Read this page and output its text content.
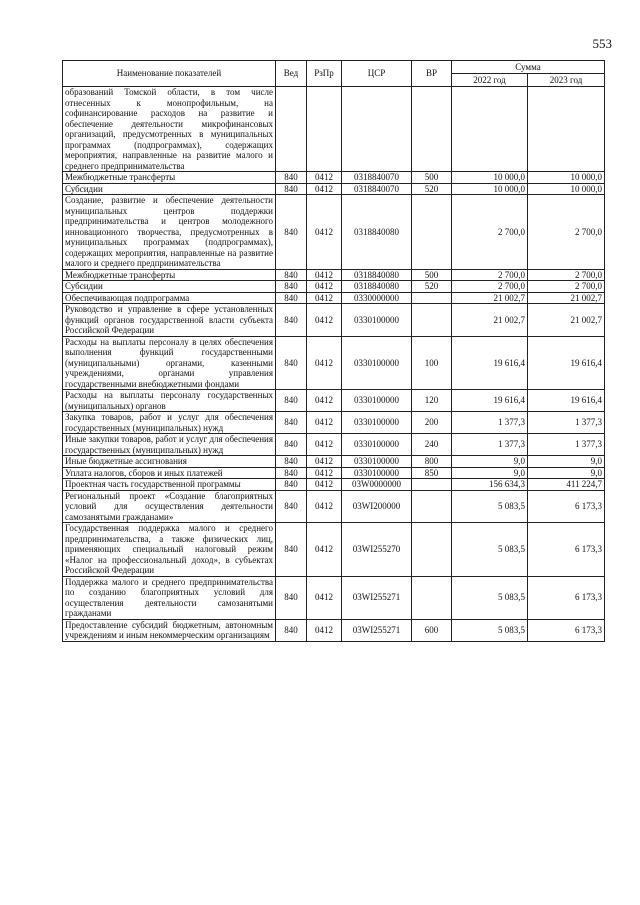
553
Наименование показателей	Вед	РзПр	ЦСР	ВР	Сумма	
					2022 год	2023 год
образований Томской области, в том числе отнесенных к монопрофильным, на софинансирование расходов на развитие и обеспечение деятельности микрофинансовых организаций, предусмотренных в муниципальных программах (подпрограммах), содержащих мероприятия, направленные на развитие малого и среднего предпринимательства						
Межбюджетные трансферты	840	0412	0318840070	500	10 000,0	10 000,0
Субсидии	840	0412	0318840070	520	10 000,0	10 000,0
Создание, развитие и обеспечение деятельности муниципальных центров поддержки предпринимательства и центров молодежного инновационного творчества, предусмотренных в муниципальных программах (подпрограммах), содержащих мероприятия, направленные на развитие малого и среднего предпринимательства	840	0412	0318840080		2 700,0	2 700,0
Межбюджетные трансферты	840	0412	0318840080	500	2 700,0	2 700,0
Субсидии	840	0412	0318840080	520	2 700,0	2 700,0
Обеспечивающая подпрограмма	840	0412	0330000000		21 002,7	21 002,7
Руководство и управление в сфере установленных функций органов государственной власти субъекта Российской Федерации	840	0412	0330100000		21 002,7	21 002,7
Расходы на выплаты персоналу в целях обеспечения выполнения функций государственными (муниципальными) органами, казенными учреждениями, органами управления государственными внебюджетными фондами	840	0412	0330100000	100	19 616,4	19 616,4
Расходы на выплаты персоналу государственных (муниципальных) органов	840	0412	0330100000	120	19 616,4	19 616,4
Закупка товаров, работ и услуг для обеспечения государственных (муниципальных) нужд	840	0412	0330100000	200	1 377,3	1 377,3
Иные закупки товаров, работ и услуг для обеспечения государственных (муниципальных) нужд	840	0412	0330100000	240	1 377,3	1 377,3
Иные бюджетные ассигнования	840	0412	0330100000	800	9,0	9,0
Уплата налогов, сборов и иных платежей	840	0412	0330100000	850	9,0	9,0
Проектная часть государственной программы	840	0412	03W0000000		156 634,3	411 224,7
Региональный проект «Создание благоприятных условий для осуществления деятельности самозанятыми гражданами»	840	0412	03WI200000		5 083,5	6 173,3
Государственная поддержка малого и среднего предпринимательства, а также физических лиц, применяющих специальный налоговый режим «Налог на профессиональный доход», в субъектах Российской Федерации	840	0412	03WI255270		5 083,5	6 173,3
Поддержка малого и среднего предпринимательства по созданию благоприятных условий для осуществления деятельности самозанятыми гражданами	840	0412	03WI255271		5 083,5	6 173,3
Предоставление субсидий бюджетным, автономным учреждениям и иным некоммерческим организациям	840	0412	03WI255271	600	5 083,5	6 173,3
